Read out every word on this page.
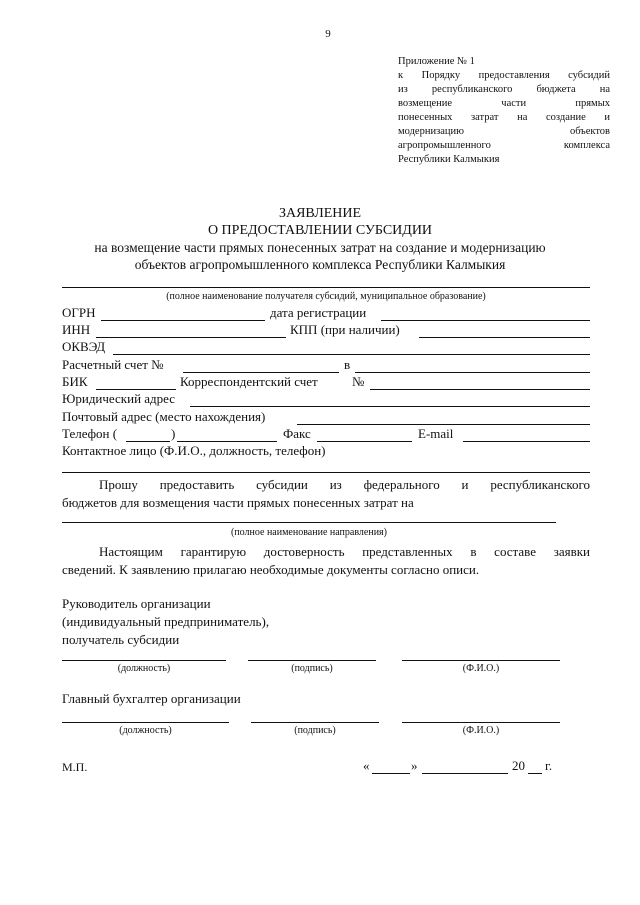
9
Приложение № 1
к Порядку предоставления субсидий
из республиканского бюджета на
возмещение части прямых
понесенных затрат на создание и
модернизацию объектов
агропромышленного комплекса
Республики Калмыкия
ЗАЯВЛЕНИЕ
О ПРЕДОСТАВЛЕНИИ СУБСИДИИ
на возмещение части прямых понесенных затрат на создание и модернизацию
объектов агропромышленного комплекса Республики Калмыкия
(полное наименование получателя субсидий, муниципальное образование)
ОГРН	дата регистрации
ИНН	КПП (при наличии)
ОКВЭД
Расчетный счет №	в
БИК	Корреспондентский счет	№
Юридический адрес
Почтовый адрес (место нахождения)
Телефон (	)	Факс	E-mail
Контактное лицо (Ф.И.О., должность, телефон)
Прошу предоставить субсидии из федерального и республиканского
бюджетов для возмещения части прямых понесенных затрат на
(полное наименование направления)
Настоящим гарантирую достоверность представленных в составе заявки
сведений. К заявлению прилагаю необходимые документы согласно описи.
Руководитель организации
(индивидуальный предприниматель),
получатель субсидии
(должность)	(подпись)	(Ф.И.О.)
Главный бухгалтер организации
(должность)	(подпись)	(Ф.И.О.)
М.П.	«	»	20 г.
